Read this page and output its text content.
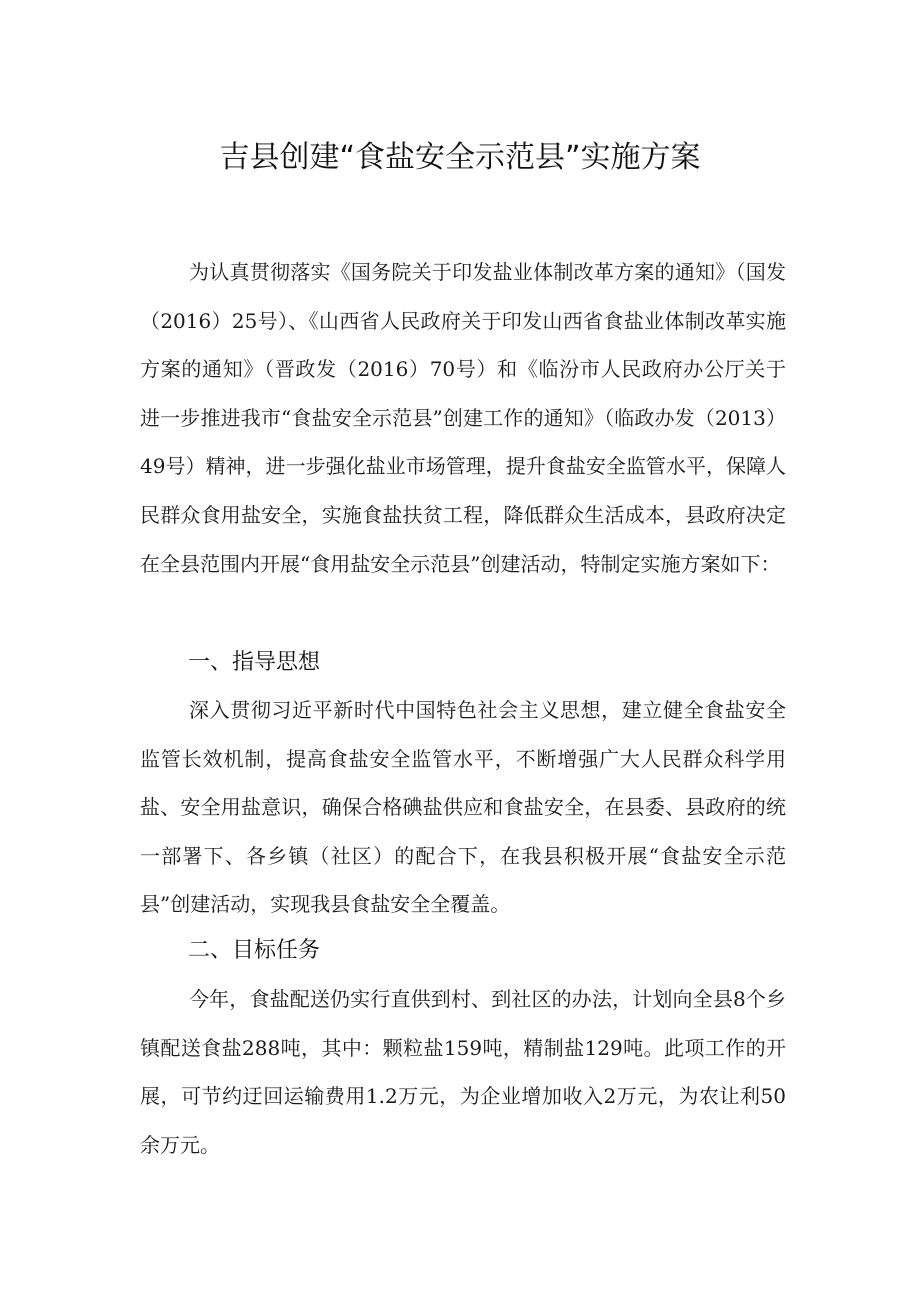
吉县创建“食盐安全示范县”实施方案

为认真贯彻落实《国务院关于印发盐业体制改革方案的通知》（国发（2016）25号）、《山西省人民政府关于印发山西省食盐业体制改革实施方案的通知》（晋政发（2016）70号）和《临汾市人民政府办公厅关于进一步推进我市“食盐安全示范县”创建工作的通知》（临政办发（2013）49号）精神，进一步强化盐业市场管理，提升食盐安全监管水平，保障人民群众食用盐安全，实施食盐扶贫工程，降低群众生活成本，县政府决定在全县范围内开展“食用盐安全示范县”创建活动，特制定实施方案如下：

一、指导思想

深入贯彻习近平新时代中国特色社会主义思想，建立健全食盐安全监管长效机制，提高食盐安全监管水平，不断增强广大人民群众科学用盐、安全用盐意识，确保合格碘盐供应和食盐安全，在县委、县政府的统一部署下、各乡镇（社区）的配合下，在我县积极开展“食盐安全示范县”创建活动，实现我县食盐安全全覆盖。

二、目标任务

今年，食盐配送仍实行直供到村、到社区的办法，计划向全县8个乡镇配送食盐288吨，其中：颗粒盐159吨，精制盐129吨。此项工作的开展，可节约迂回运输费用1.2万元，为企业增加收入2万元，为农让利50余万元。
